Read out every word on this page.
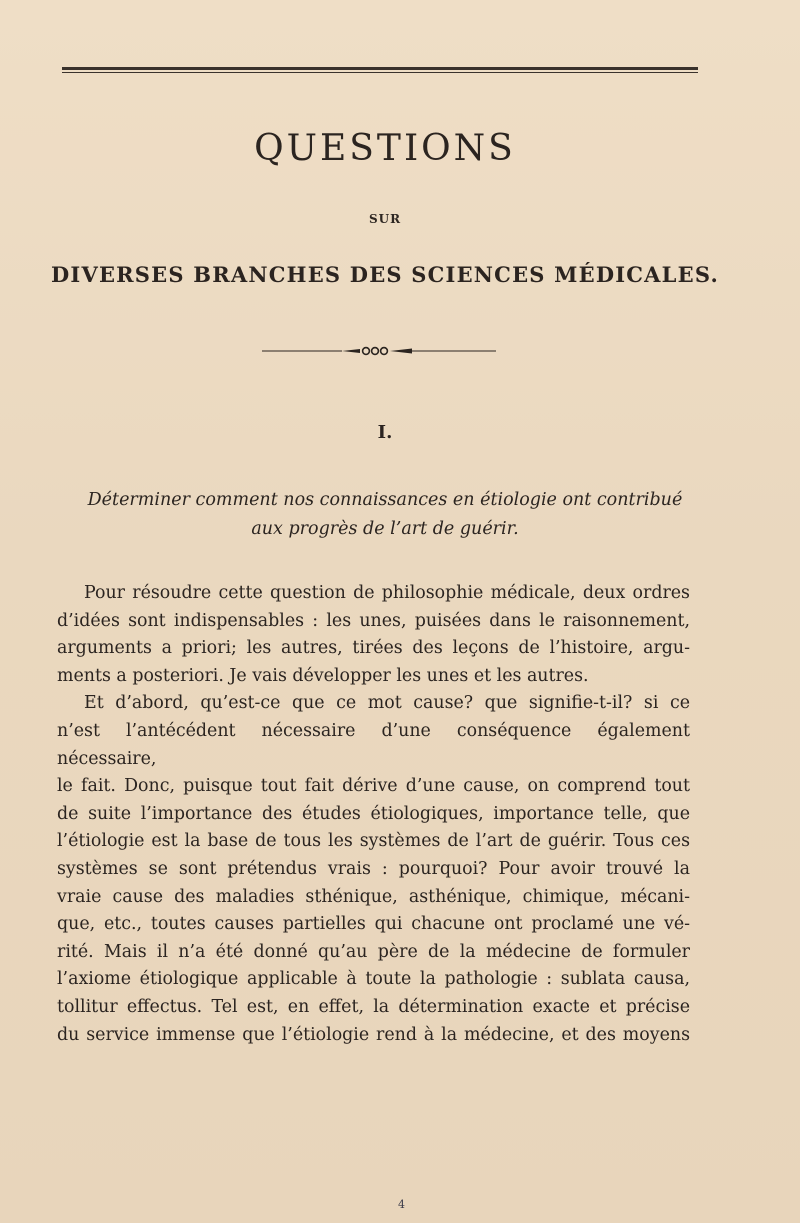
QUESTIONS
SUR
DIVERSES BRANCHES DES SCIENCES MÉDICALES.
I.
Déterminer comment nos connaissances en étiologie ont contribué
aux progrès de l’art de guérir.
Pour résoudre cette question de philosophie médicale, deux ordres
d’idées sont indispensables : les unes, puisées dans le raisonnement,
arguments a priori; les autres, tirées des leçons de l’histoire, argu-
ments a posteriori. Je vais développer les unes et les autres.
Et d’abord, qu’est-ce que ce mot cause? que signifie-t-il? si ce
n’est l’antécédent nécessaire d’une conséquence également nécessaire,
le fait. Donc, puisque tout fait dérive d’une cause, on comprend tout
de suite l’importance des études étiologiques, importance telle, que
l’étiologie est la base de tous les systèmes de l’art de guérir. Tous ces
systèmes se sont prétendus vrais : pourquoi? Pour avoir trouvé la
vraie cause des maladies sthénique, asthénique, chimique, mécani-
que, etc., toutes causes partielles qui chacune ont proclamé une vé-
rité. Mais il n’a été donné qu’au père de la médecine de formuler
l’axiome étiologique applicable à toute la pathologie : sublata causa,
tollitur effectus. Tel est, en effet, la détermination exacte et précise
du service immense que l’étiologie rend à la médecine, et des moyens
4
